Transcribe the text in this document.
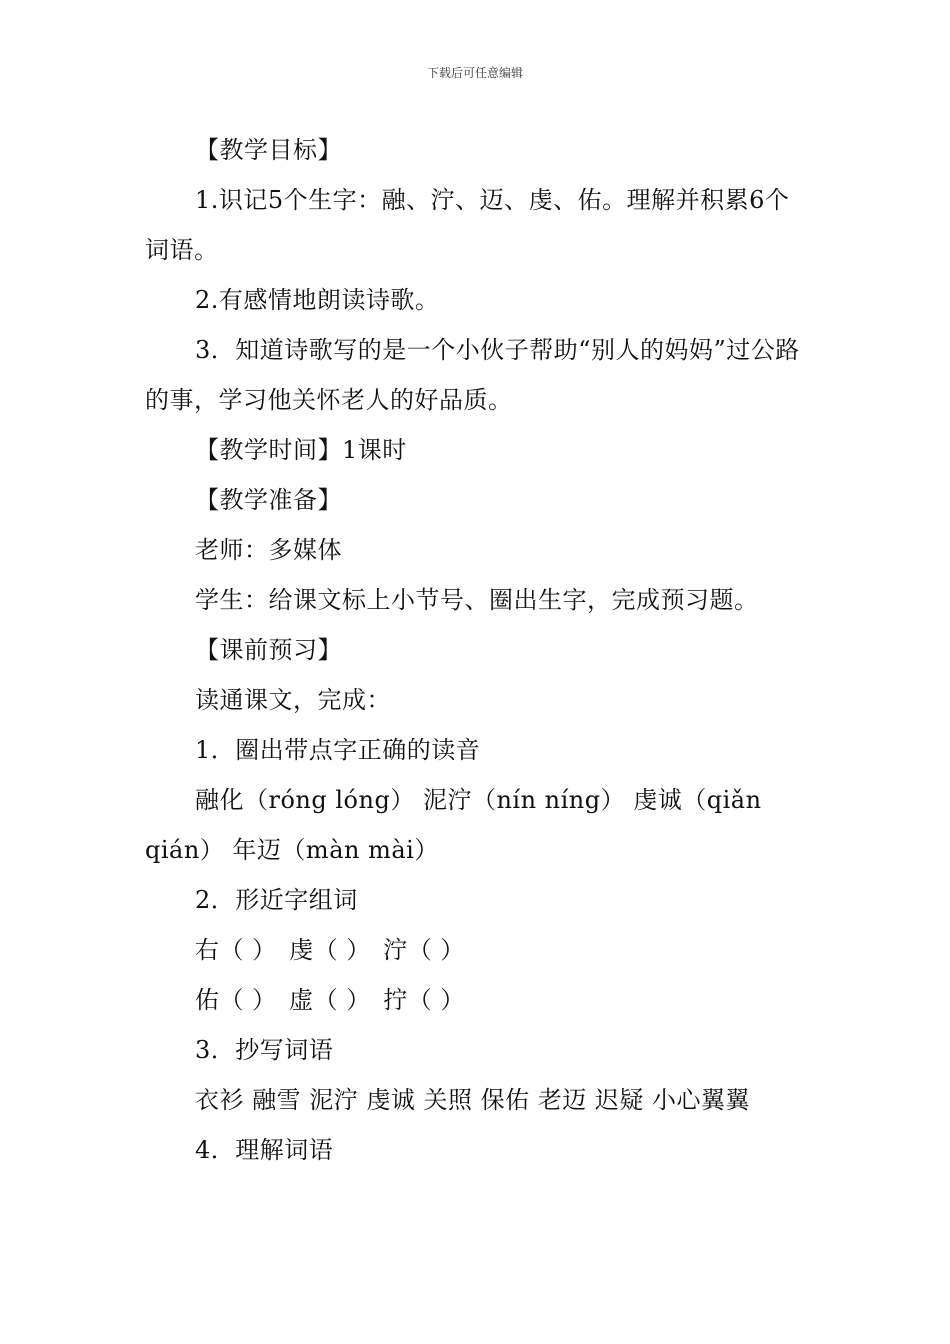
下载后可任意编辑

【教学目标】

1.识记5个生字：融、泞、迈、虔、佑。理解并积累6个词语。

2.有感情地朗读诗歌。

3．知道诗歌写的是一个小伙子帮助“别人的妈妈”过公路的事，学习他关怀老人的好品质。

【教学时间】1课时

【教学准备】

老师：多媒体

学生：给课文标上小节号、圈出生字，完成预习题。

【课前预习】

读通课文，完成：

1．圈出带点字正确的读音

融化（róng lóng） 泥泞（nín níng） 虔诚（qiǎn qián） 年迈（màn mài）

2．形近字组词

右（ ）　虔（ ）　泞（ ）

佑（ ）　虚（ ）　拧（ ）

3．抄写词语

衣衫 融雪 泥泞 虔诚 关照 保佑 老迈 迟疑 小心翼翼

4．理解词语
